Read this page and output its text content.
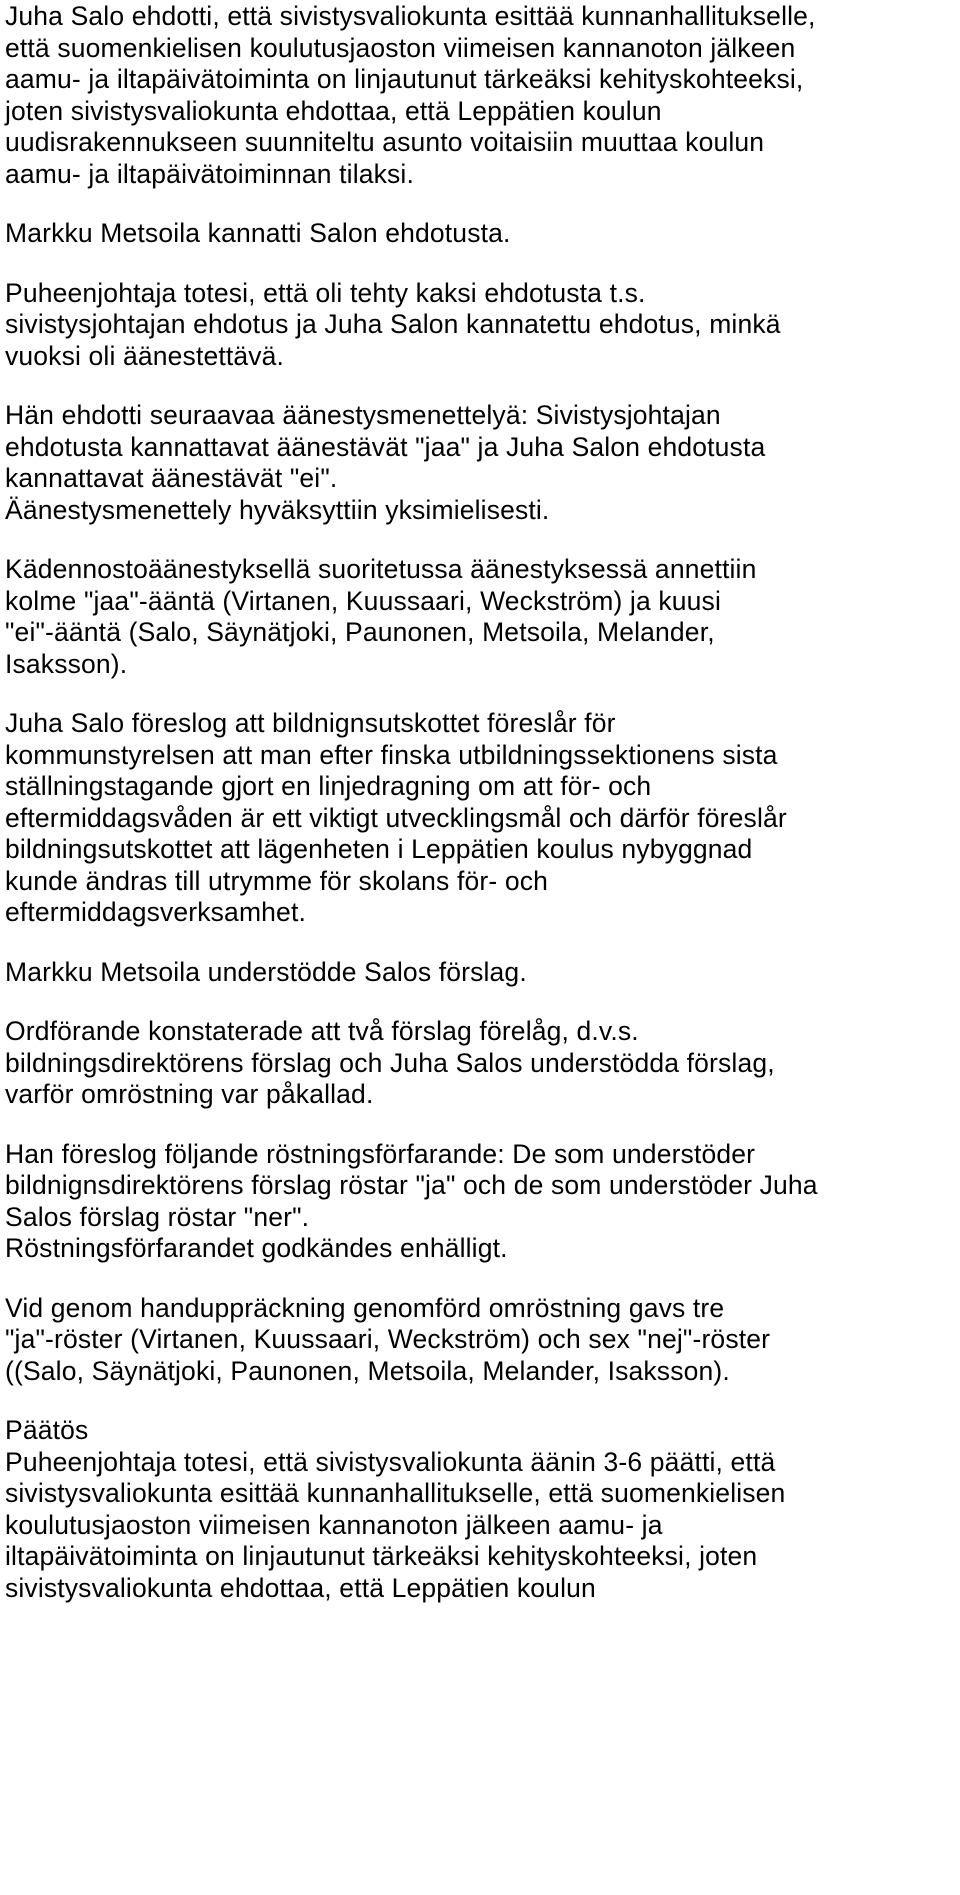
Juha Salo ehdotti, että sivistysvaliokunta esittää kunnanhallitukselle,
että suomenkielisen koulutusjaoston viimeisen kannanoton jälkeen
aamu- ja iltapäivätoiminta on linjautunut tärkeäksi kehityskohteeksi,
joten sivistysvaliokunta ehdottaa, että Leppätien koulun
uudisrakennukseen suunniteltu asunto voitaisiin muuttaa koulun
aamu- ja iltapäivätoiminnan tilaksi.

Markku Metsoila kannatti Salon ehdotusta.

Puheenjohtaja totesi, että oli tehty kaksi ehdotusta t.s.
sivistysjohtajan ehdotus ja Juha Salon kannatettu ehdotus, minkä
vuoksi oli äänestettävä.

Hän ehdotti seuraavaa äänestysmenettelyä: Sivistysjohtajan
ehdotusta kannattavat äänestävät "jaa" ja Juha Salon ehdotusta
kannattavat äänestävät "ei".
Äänestysmenettely hyväksyttiin yksimielisesti.

Kädennostoäänestyksellä suoritetussa äänestyksessä annettiin
kolme "jaa"-ääntä (Virtanen, Kuussaari, Weckström) ja kuusi
"ei"-ääntä (Salo, Säynätjoki, Paunonen, Metsoila, Melander,
Isaksson).

Juha Salo föreslog att bildnignsutskottet föreslår för
kommunstyrelsen att man efter finska utbildningssektionens sista
ställningstagande gjort en linjedragning om att för- och
eftermiddagsvåden är ett viktigt utvecklingsmål och därför föreslår
bildningsutskottet att lägenheten i Leppätien koulus nybyggnad
kunde ändras till utrymme för skolans för- och
eftermiddagsverksamhet.

Markku Metsoila understödde Salos förslag.

Ordförande konstaterade att två förslag förelåg, d.v.s.
bildningsdirektörens förslag och Juha Salos understödda förslag,
varför omröstning var påkallad.

Han föreslog följande röstningsförfarande: De som understöder
bildnignsdirektörens förslag röstar "ja" och de som understöder Juha
Salos förslag röstar "ner".
Röstningsförfarandet godkändes enhälligt.

Vid genom handuppräckning genomförd omröstning gavs tre
"ja"-röster (Virtanen, Kuussaari, Weckström) och sex "nej"-röster
((Salo, Säynätjoki, Paunonen, Metsoila, Melander, Isaksson).

Päätös
Puheenjohtaja totesi, että sivistysvaliokunta äänin 3-6 päätti, että
sivistysvaliokunta esittää kunnanhallitukselle, että suomenkielisen
koulutusjaoston viimeisen kannanoton jälkeen aamu- ja
iltapäivätoiminta on linjautunut tärkeäksi kehityskohteeksi, joten
sivistysvaliokunta ehdottaa, että Leppätien koulun
